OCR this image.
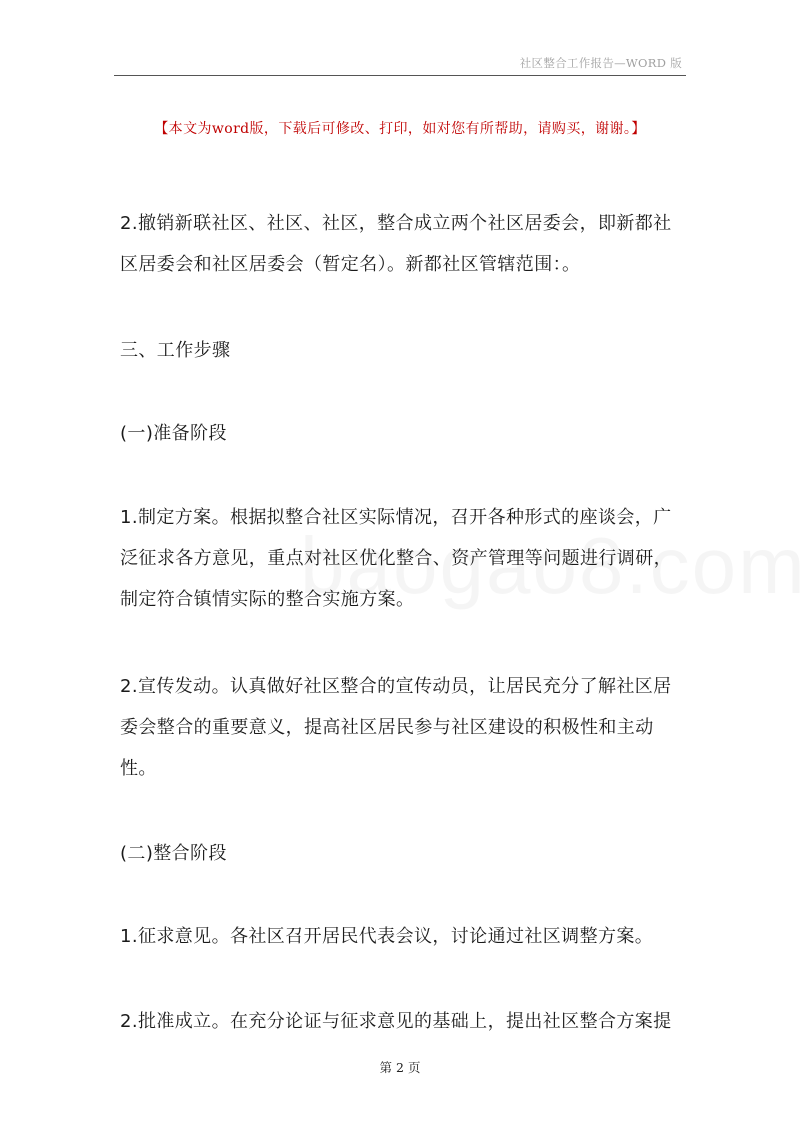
社区整合工作报告—WORD 版
【本文为word版，下载后可修改、打印，如对您有所帮助，请购买，谢谢。】

2.撤销新联社区、社区、社区，整合成立两个社区居委会，即新都社
区居委会和社区居委会（暂定名）。新都社区管辖范围：。

三、工作步骤

(一)准备阶段

1.制定方案。根据拟整合社区实际情况，召开各种形式的座谈会，广
泛征求各方意见，重点对社区优化整合、资产管理等问题进行调研，
制定符合镇情实际的整合实施方案。

2.宣传发动。认真做好社区整合的宣传动员，让居民充分了解社区居
委会整合的重要意义，提高社区居民参与社区建设的积极性和主动
性。

(二)整合阶段

1.征求意见。各社区召开居民代表会议，讨论通过社区调整方案。

2.批准成立。在充分论证与征求意见的基础上，提出社区整合方案提

第 2 页
